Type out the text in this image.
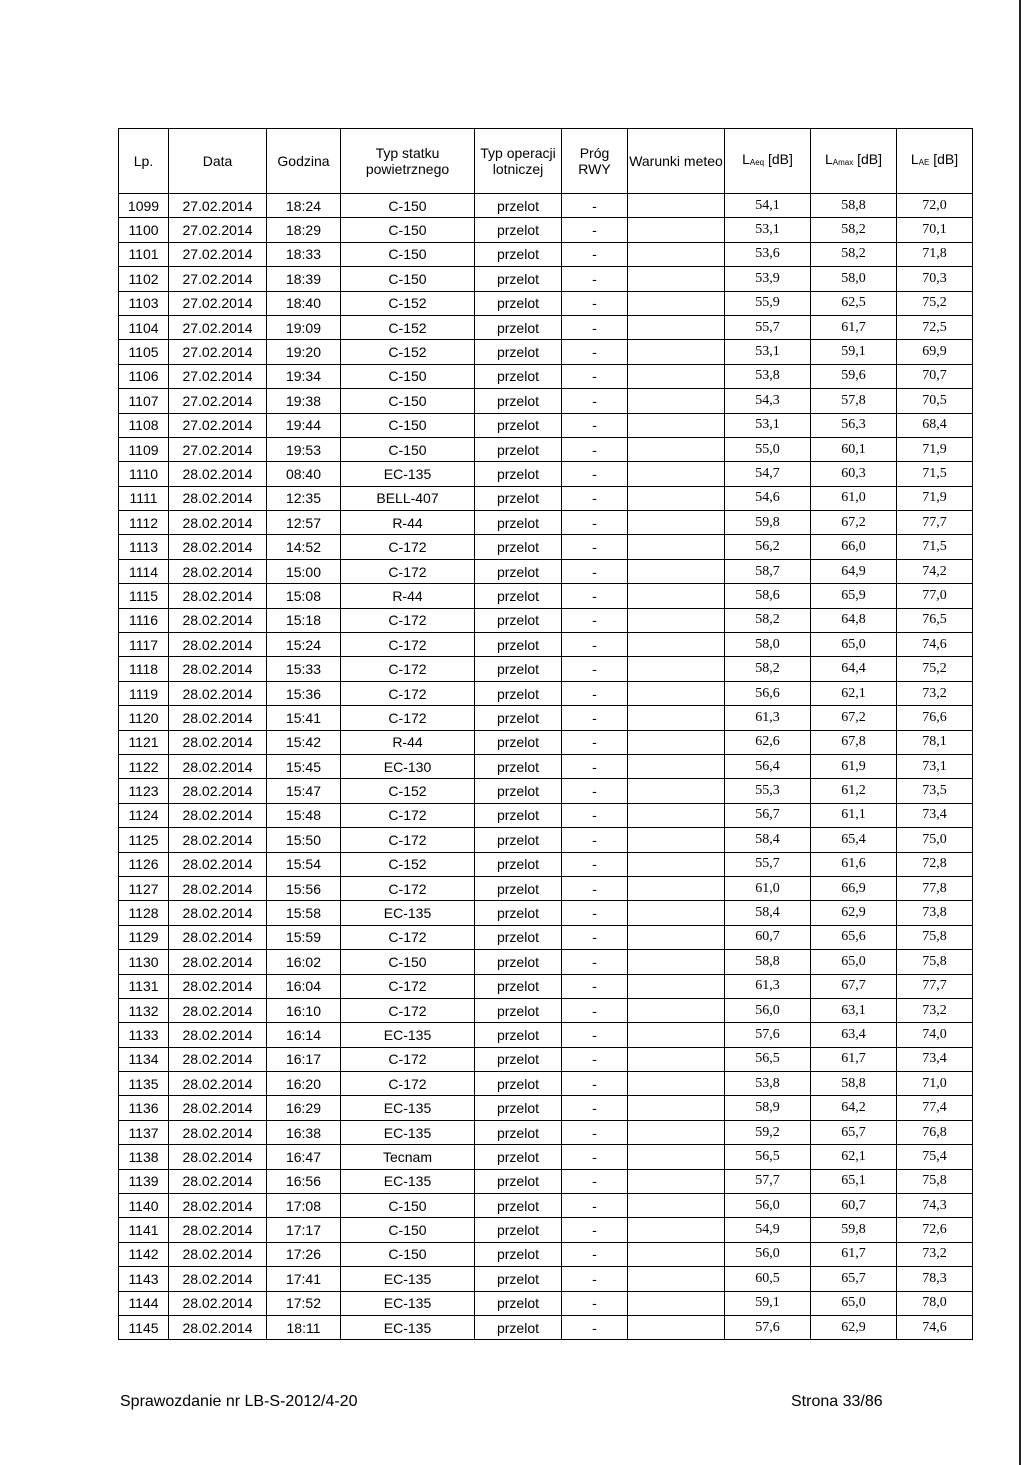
Lp.	Data	Godzina	Typ statku powietrznego	Typ operacji lotniczej	Próg RWY	Warunki meteo	$L_{Aeq}$ [dB]	$L_{Amax}$ [dB]	$L_{AE}$ [dB]
1099	27.02.2014	18:24	C-150	przelot	-		54,1	58,8	72,0
1100	27.02.2014	18:29	C-150	przelot	-		53,1	58,2	70,1
1101	27.02.2014	18:33	C-150	przelot	-		53,6	58,2	71,8
1102	27.02.2014	18:39	C-150	przelot	-		53,9	58,0	70,3
1103	27.02.2014	18:40	C-152	przelot	-		55,9	62,5	75,2
1104	27.02.2014	19:09	C-152	przelot	-		55,7	61,7	72,5
1105	27.02.2014	19:20	C-152	przelot	-		53,1	59,1	69,9
1106	27.02.2014	19:34	C-150	przelot	-		53,8	59,6	70,7
1107	27.02.2014	19:38	C-150	przelot	-		54,3	57,8	70,5
1108	27.02.2014	19:44	C-150	przelot	-		53,1	56,3	68,4
1109	27.02.2014	19:53	C-150	przelot	-		55,0	60,1	71,9
1110	28.02.2014	08:40	EC-135	przelot	-		54,7	60,3	71,5
1111	28.02.2014	12:35	BELL-407	przelot	-		54,6	61,0	71,9
1112	28.02.2014	12:57	R-44	przelot	-		59,8	67,2	77,7
1113	28.02.2014	14:52	C-172	przelot	-		56,2	66,0	71,5
1114	28.02.2014	15:00	C-172	przelot	-		58,7	64,9	74,2
1115	28.02.2014	15:08	R-44	przelot	-		58,6	65,9	77,0
1116	28.02.2014	15:18	C-172	przelot	-		58,2	64,8	76,5
1117	28.02.2014	15:24	C-172	przelot	-		58,0	65,0	74,6
1118	28.02.2014	15:33	C-172	przelot	-		58,2	64,4	75,2
1119	28.02.2014	15:36	C-172	przelot	-		56,6	62,1	73,2
1120	28.02.2014	15:41	C-172	przelot	-		61,3	67,2	76,6
1121	28.02.2014	15:42	R-44	przelot	-		62,6	67,8	78,1
1122	28.02.2014	15:45	EC-130	przelot	-		56,4	61,9	73,1
1123	28.02.2014	15:47	C-152	przelot	-		55,3	61,2	73,5
1124	28.02.2014	15:48	C-172	przelot	-		56,7	61,1	73,4
1125	28.02.2014	15:50	C-172	przelot	-		58,4	65,4	75,0
1126	28.02.2014	15:54	C-152	przelot	-		55,7	61,6	72,8
1127	28.02.2014	15:56	C-172	przelot	-		61,0	66,9	77,8
1128	28.02.2014	15:58	EC-135	przelot	-		58,4	62,9	73,8
1129	28.02.2014	15:59	C-172	przelot	-		60,7	65,6	75,8
1130	28.02.2014	16:02	C-150	przelot	-		58,8	65,0	75,8
1131	28.02.2014	16:04	C-172	przelot	-		61,3	67,7	77,7
1132	28.02.2014	16:10	C-172	przelot	-		56,0	63,1	73,2
1133	28.02.2014	16:14	EC-135	przelot	-		57,6	63,4	74,0
1134	28.02.2014	16:17	C-172	przelot	-		56,5	61,7	73,4
1135	28.02.2014	16:20	C-172	przelot	-		53,8	58,8	71,0
1136	28.02.2014	16:29	EC-135	przelot	-		58,9	64,2	77,4
1137	28.02.2014	16:38	EC-135	przelot	-		59,2	65,7	76,8
1138	28.02.2014	16:47	Tecnam	przelot	-		56,5	62,1	75,4
1139	28.02.2014	16:56	EC-135	przelot	-		57,7	65,1	75,8
1140	28.02.2014	17:08	C-150	przelot	-		56,0	60,7	74,3
1141	28.02.2014	17:17	C-150	przelot	-		54,9	59,8	72,6
1142	28.02.2014	17:26	C-150	przelot	-		56,0	61,7	73,2
1143	28.02.2014	17:41	EC-135	przelot	-		60,5	65,7	78,3
1144	28.02.2014	17:52	EC-135	przelot	-		59,1	65,0	78,0
1145	28.02.2014	18:11	EC-135	przelot	-		57,6	62,9	74,6
Sprawozdanie nr LB-S-2012/4-20	Strona 33/86
